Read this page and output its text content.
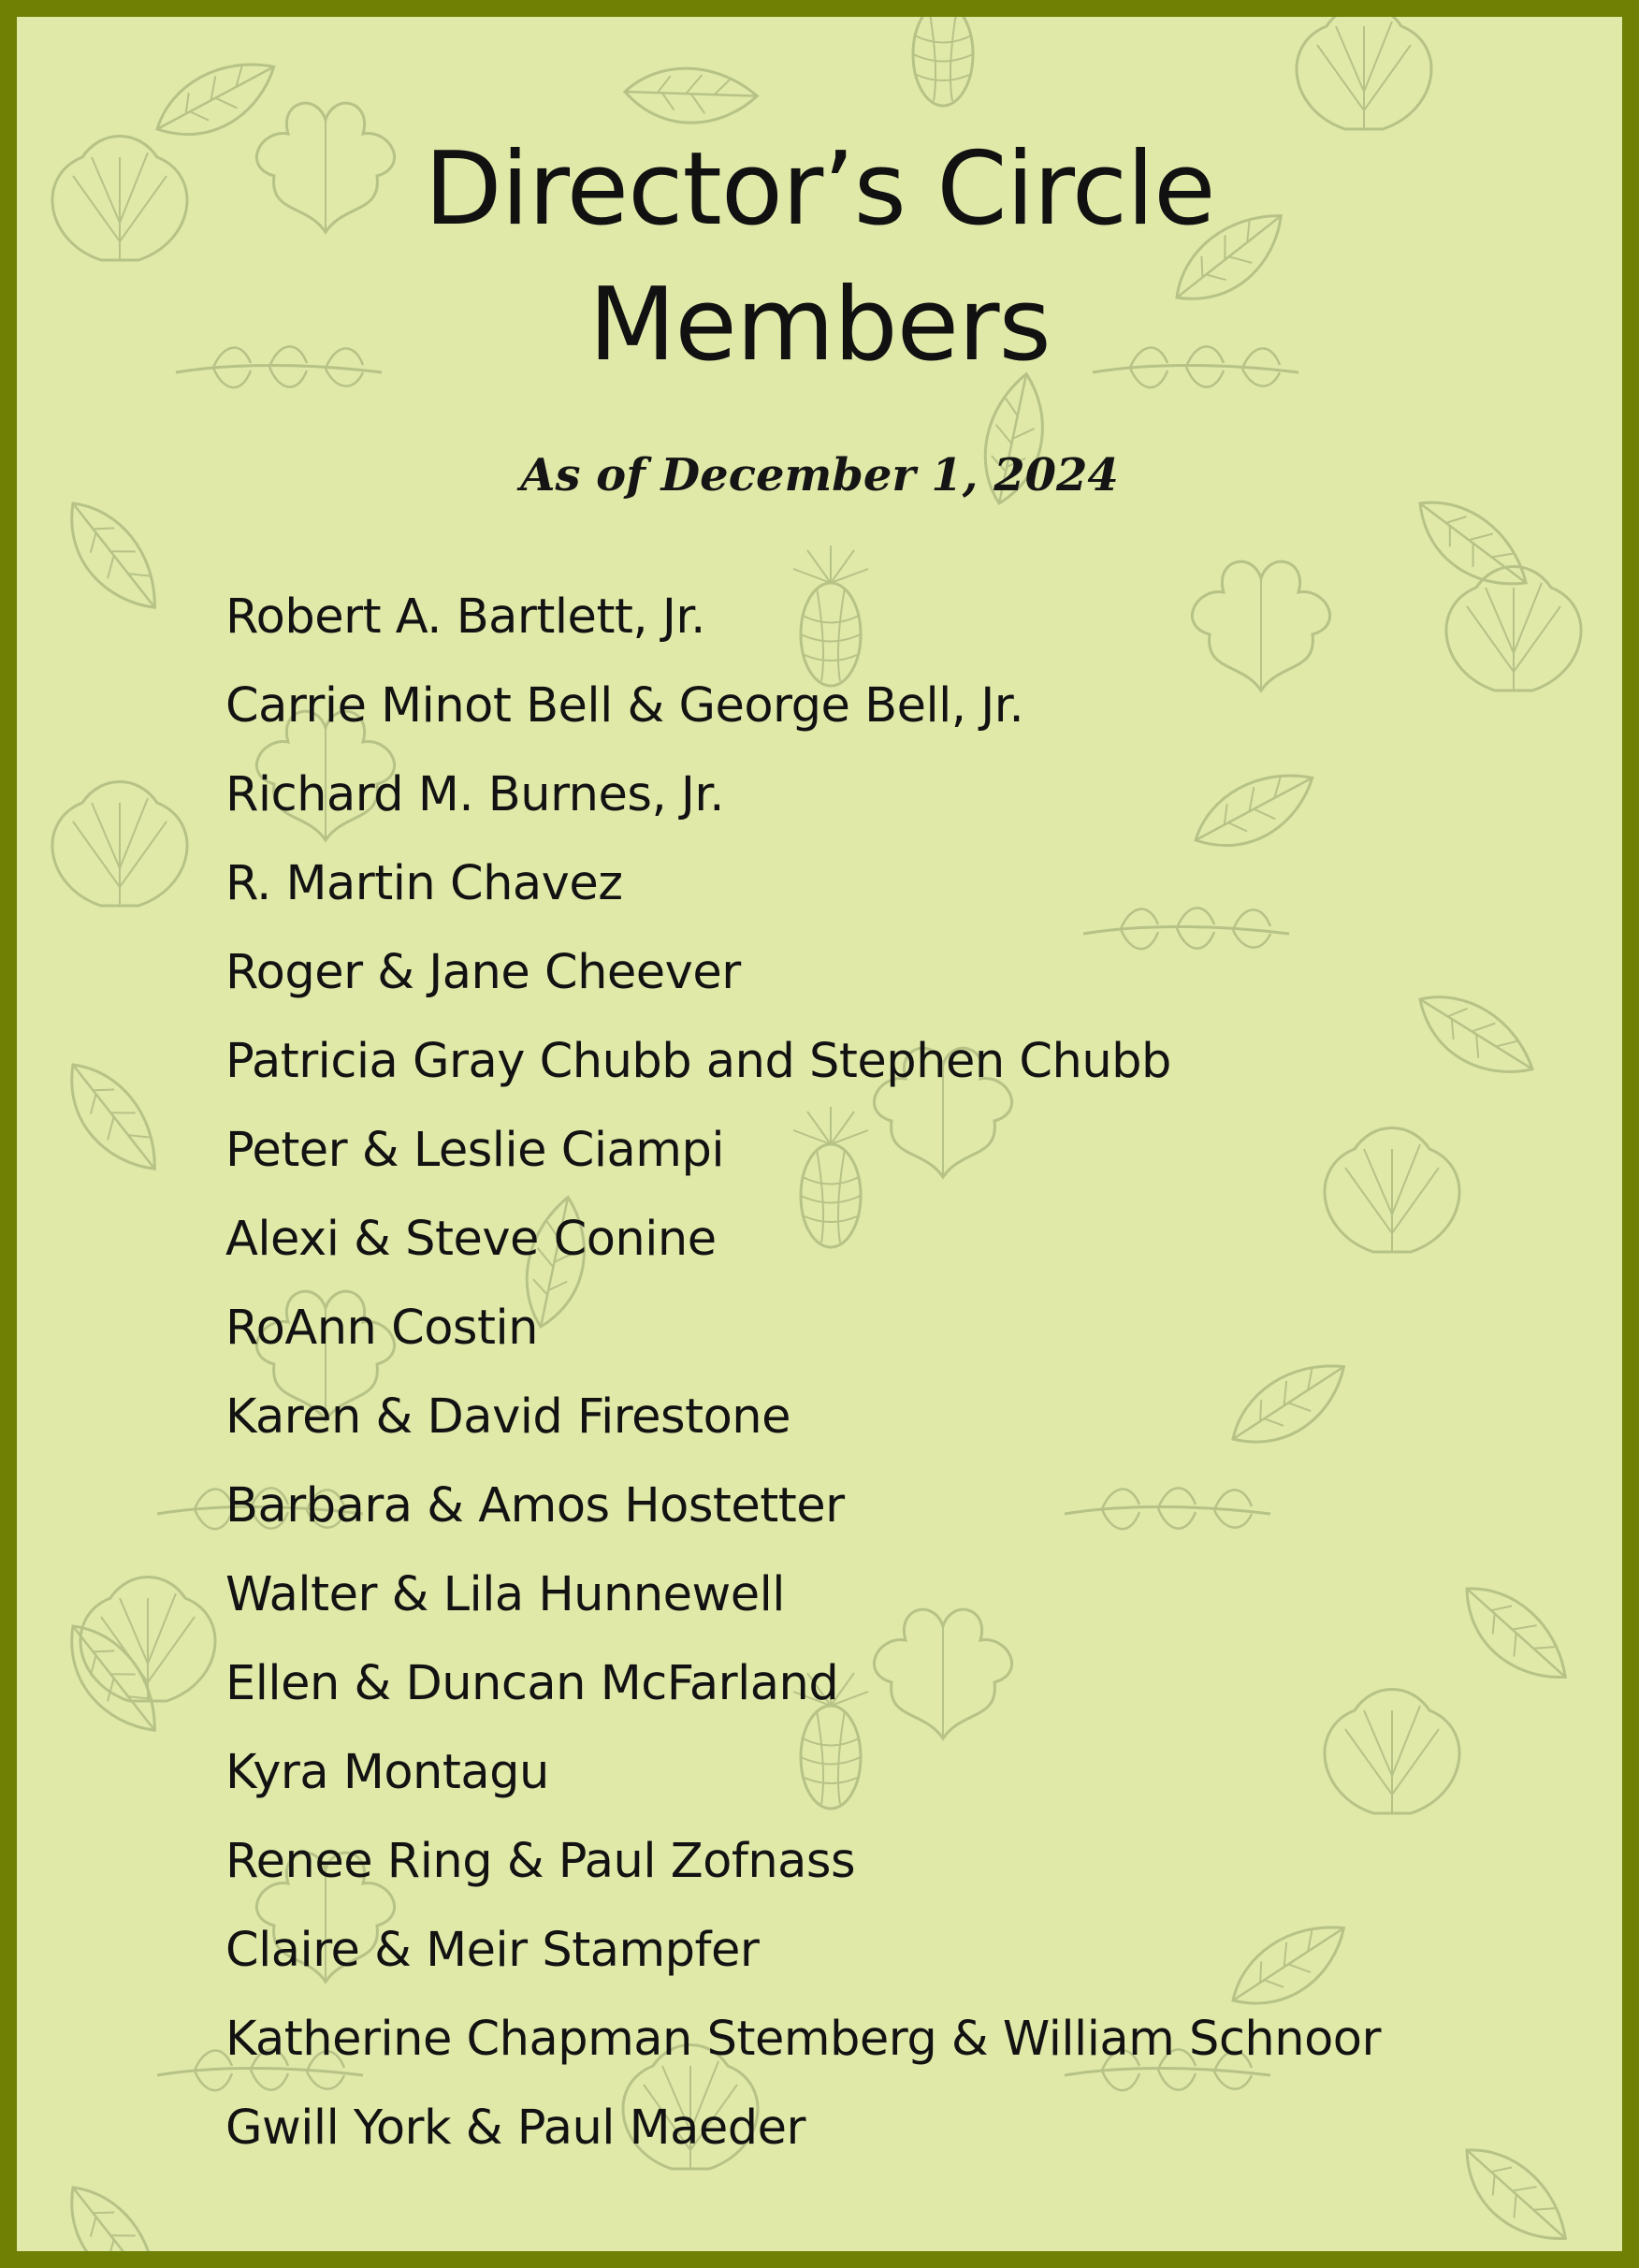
Director’s Circle
Members
As of December 1, 2024
Robert A. Bartlett, Jr.
Carrie Minot Bell & George Bell, Jr.
Richard M. Burnes, Jr.
R. Martin Chavez
Roger & Jane Cheever
Patricia Gray Chubb and Stephen Chubb
Peter & Leslie Ciampi
Alexi & Steve Conine
RoAnn Costin
Karen & David Firestone
Barbara & Amos Hostetter
Walter & Lila Hunnewell
Ellen & Duncan McFarland
Kyra Montagu
Renee Ring & Paul Zofnass
Claire & Meir Stampfer
Katherine Chapman Stemberg & William Schnoor
Gwill York & Paul Maeder
